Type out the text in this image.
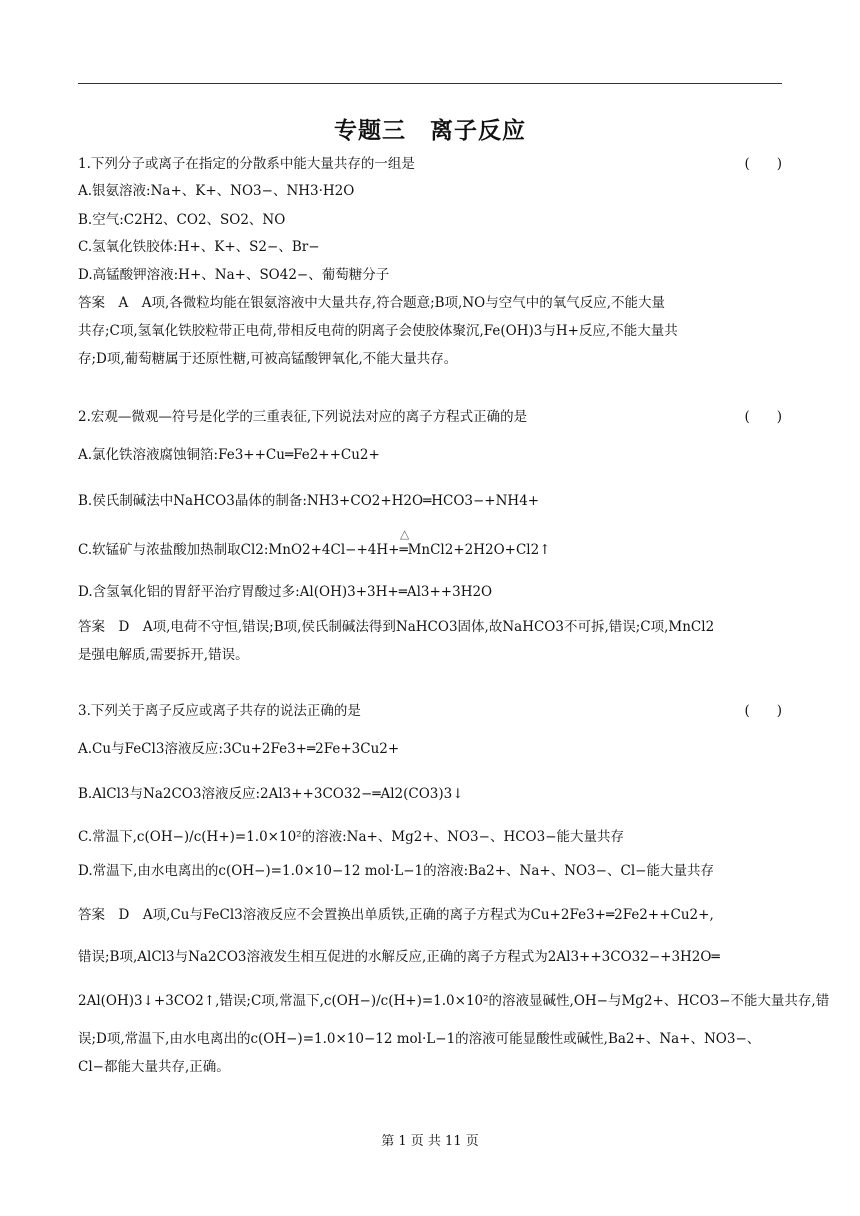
专题三　离子反应
1.下列分子或离子在指定的分散系中能大量共存的一组是	(　　)
A.银氨溶液:Na+、K+、NO3−、NH3·H2O
B.空气:C2H2、CO2、SO2、NO
C.氢氧化铁胶体:H+、K+、S2−、Br−
D.高锰酸钾溶液:H+、Na+、SO42−、葡萄糖分子
答案　A　A项,各微粒均能在银氨溶液中大量共存,符合题意;B项,NO与空气中的氧气反应,不能大量
共存;C项,氢氧化铁胶粒带正电荷,带相反电荷的阴离子会使胶体聚沉,Fe(OH)3与H+反应,不能大量共
存;D项,葡萄糖属于还原性糖,可被高锰酸钾氧化,不能大量共存。
2.宏观—微观—符号是化学的三重表征,下列说法对应的离子方程式正确的是	(　　)
A.氯化铁溶液腐蚀铜箔:Fe3++Cu═Fe2++Cu2+
B.侯氏制碱法中NaHCO3晶体的制备:NH3+CO2+H2O═HCO3−+NH4+
C.软锰矿与浓盐酸加热制取Cl2:MnO2+4Cl−+4H+═MnCl2+2H2O+Cl2↑
△
D.含氢氧化铝的胃舒平治疗胃酸过多:Al(OH)3+3H+═Al3++3H2O
答案　D　A项,电荷不守恒,错误;B项,侯氏制碱法得到NaHCO3固体,故NaHCO3不可拆,错误;C项,MnCl2
是强电解质,需要拆开,错误。
3.下列关于离子反应或离子共存的说法正确的是	(　　)
A.Cu与FeCl3溶液反应:3Cu+2Fe3+═2Fe+3Cu2+
B.AlCl3与Na2CO3溶液反应:2Al3++3CO32−═Al2(CO3)3↓
C.常温下,c(OH−)/c(H+)=1.0×10²的溶液:Na+、Mg2+、NO3−、HCO3−能大量共存
D.常温下,由水电离出的c(OH−)=1.0×10−12 mol·L−1的溶液:Ba2+、Na+、NO3−、Cl−能大量共存
答案　D　A项,Cu与FeCl3溶液反应不会置换出单质铁,正确的离子方程式为Cu+2Fe3+═2Fe2++Cu2+,
错误;B项,AlCl3与Na2CO3溶液发生相互促进的水解反应,正确的离子方程式为2Al3++3CO32−+3H2O═
2Al(OH)3↓+3CO2↑,错误;C项,常温下,c(OH−)/c(H+)=1.0×10²的溶液显碱性,OH−与Mg2+、HCO3−不能大量共存,错
误;D项,常温下,由水电离出的c(OH−)=1.0×10−12 mol·L−1的溶液可能显酸性或碱性,Ba2+、Na+、NO3−、
Cl−都能大量共存,正确。
第 1 页 共 11 页
